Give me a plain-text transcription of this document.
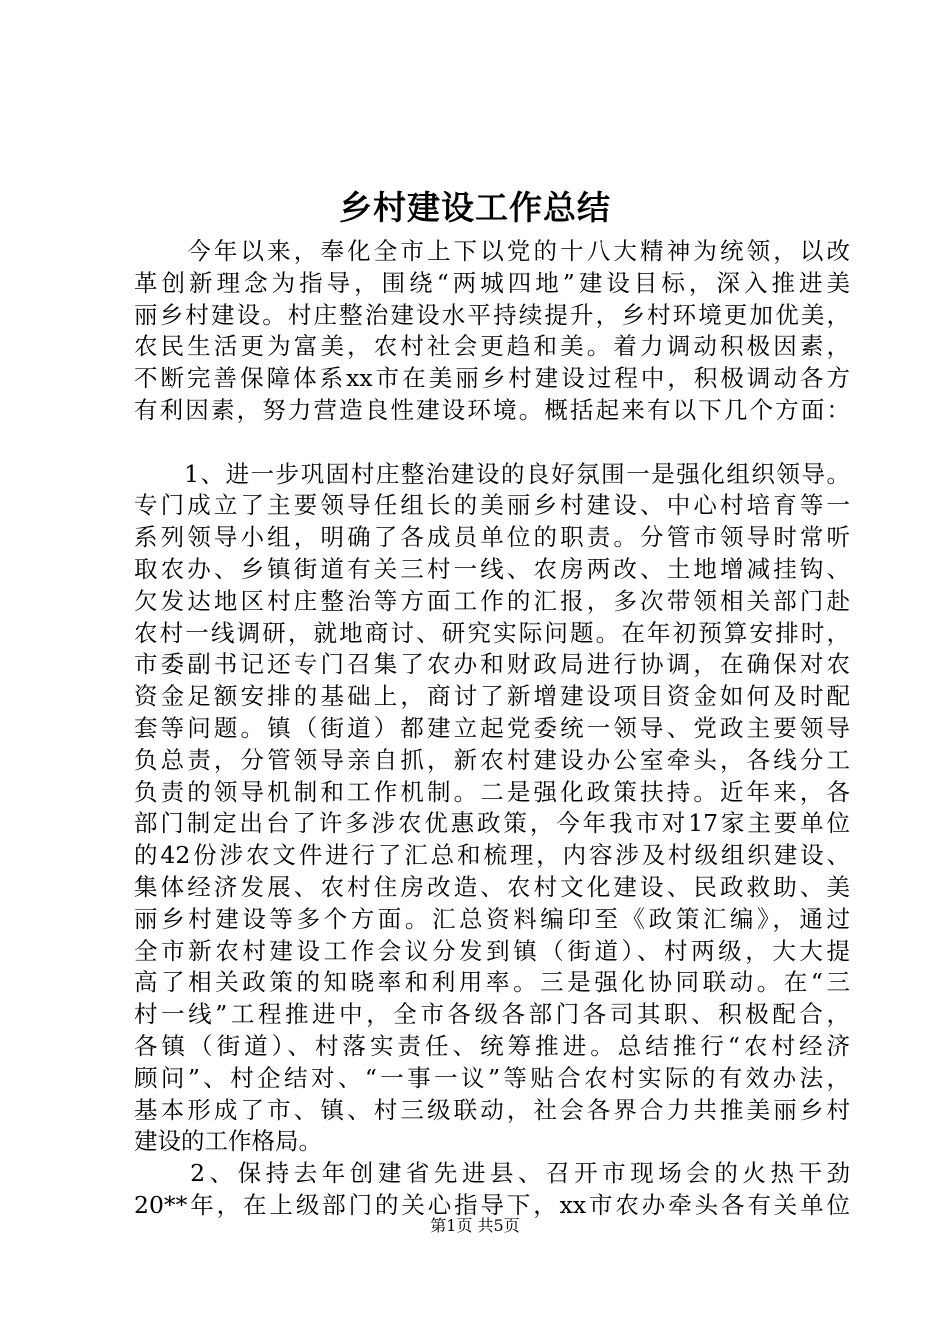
乡村建设工作总结
　　今年以来，奉化全市上下以党的十八大精神为统领，以改
革创新理念为指导，围绕“两城四地”建设目标，深入推进美
丽乡村建设。村庄整治建设水平持续提升，乡村环境更加优美，
农民生活更为富美，农村社会更趋和美。着力调动积极因素，
不断完善保障体系xx市在美丽乡村建设过程中，积极调动各方
有利因素，努力营造良性建设环境。概括起来有以下几个方面：
　　1、进一步巩固村庄整治建设的良好氛围一是强化组织领导。
专门成立了主要领导任组长的美丽乡村建设、中心村培育等一
系列领导小组，明确了各成员单位的职责。分管市领导时常听
取农办、乡镇街道有关三村一线、农房两改、土地增减挂钩、
欠发达地区村庄整治等方面工作的汇报，多次带领相关部门赴
农村一线调研，就地商讨、研究实际问题。在年初预算安排时，
市委副书记还专门召集了农办和财政局进行协调，在确保对农
资金足额安排的基础上，商讨了新增建设项目资金如何及时配
套等问题。镇（街道）都建立起党委统一领导、党政主要领导
负总责，分管领导亲自抓，新农村建设办公室牵头，各线分工
负责的领导机制和工作机制。二是强化政策扶持。近年来，各
部门制定出台了许多涉农优惠政策，今年我市对17家主要单位
的42份涉农文件进行了汇总和梳理，内容涉及村级组织建设、
集体经济发展、农村住房改造、农村文化建设、民政救助、美
丽乡村建设等多个方面。汇总资料编印至《政策汇编》，通过
全市新农村建设工作会议分发到镇（街道）、村两级，大大提
高了相关政策的知晓率和利用率。三是强化协同联动。在“三
村一线”工程推进中，全市各级各部门各司其职、积极配合，
各镇（街道）、村落实责任、统筹推进。总结推行“农村经济
顾问”、村企结对、“一事一议”等贴合农村实际的有效办法，
基本形成了市、镇、村三级联动，社会各界合力共推美丽乡村
建设的工作格局。
　　2、保持去年创建省先进县、召开市现场会的火热干劲
20**年，在上级部门的关心指导下，xx市农办牵头各有关单位
第1页 共5页
